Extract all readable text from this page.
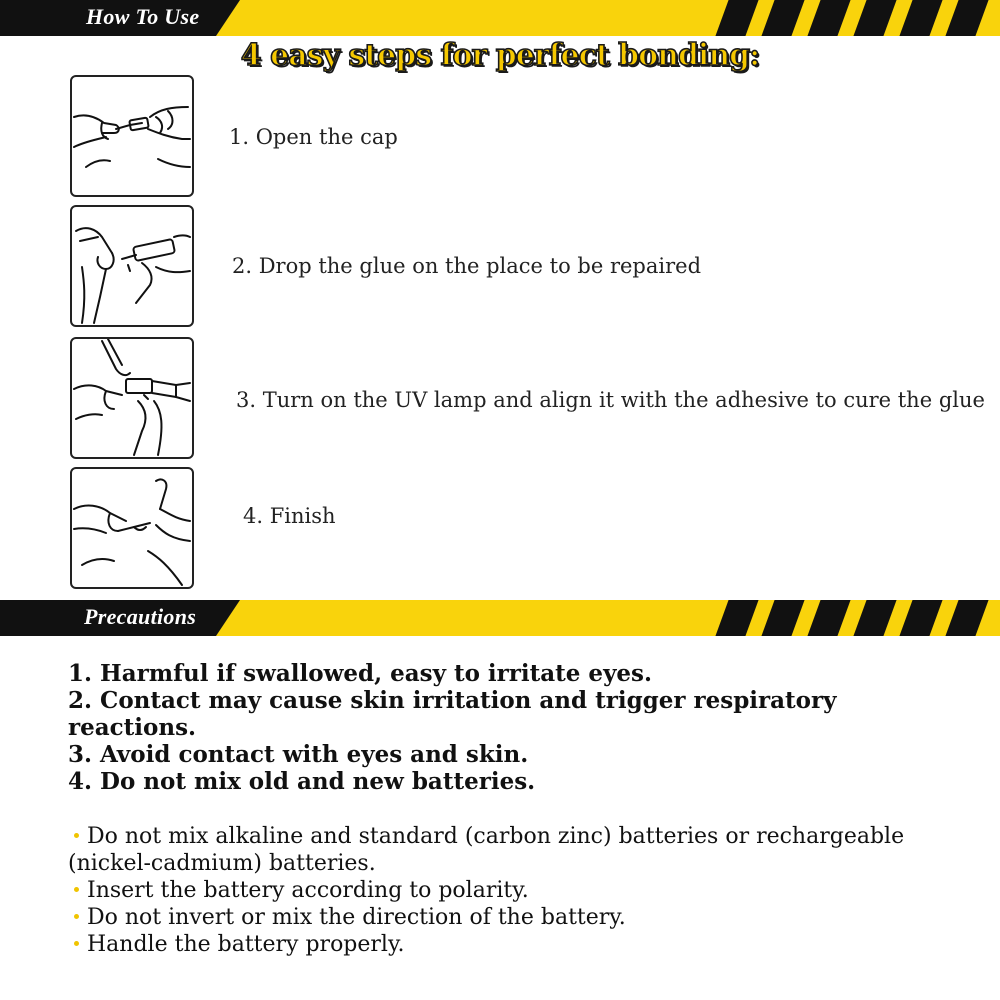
How To Use
4 easy steps for perfect bonding:
1. Open the cap
2. Drop the glue on the place to be repaired
3. Turn on the UV lamp and align it with the adhesive to cure the glue
4. Finish
Precautions
1. Harmful if swallowed, easy to irritate eyes.
2. Contact may cause skin irritation and trigger respiratory reactions.
3. Avoid contact with eyes and skin.
4. Do not mix old and new batteries.
Do not mix alkaline and standard (carbon zinc) batteries or rechargeable (nickel-cadmium) batteries.
Insert the battery according to polarity.
Do not invert or mix the direction of the battery.
Handle the battery properly.
